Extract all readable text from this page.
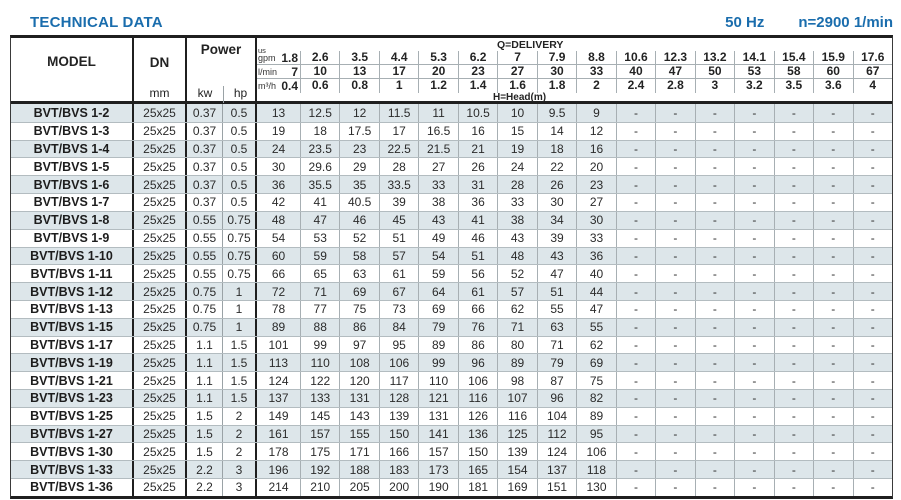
TECHNICAL DATA	50 Hz n=2900 1/min
MODEL	DN
mm
Power
kw	hp
Q=DELIVERY
us
gpm 1.8	2.6	3.5	4.4	5.3	6.2	7	7.9	8.8	10.6	12.3	13.2	14.1	15.4	15.9	17.6
l/min 7	10	13	17	20	23	27	30	33	40	47	50	53	58	60	67
m³/h 0.4	0.6	0.8	1	1.2	1.4	1.6	1.8	2	2.4	2.8	3	3.2	3.5	3.6	4
H=Head(m)
BVT/BVS 1-2	25x25	0.37	0.5	13	12.5	12	11.5	11	10.5	10	9.5	9	-	-	-	-	-	-	-
BVT/BVS 1-3	25x25	0.37	0.5	19	18	17.5	17	16.5	16	15	14	12	-	-	-	-	-	-	-
BVT/BVS 1-4	25x25	0.37	0.5	24	23.5	23	22.5	21.5	21	19	18	16	-	-	-	-	-	-	-
BVT/BVS 1-5	25x25	0.37	0.5	30	29.6	29	28	27	26	24	22	20	-	-	-	-	-	-	-
BVT/BVS 1-6	25x25	0.37	0.5	36	35.5	35	33.5	33	31	28	26	23	-	-	-	-	-	-	-
BVT/BVS 1-7	25x25	0.37	0.5	42	41	40.5	39	38	36	33	30	27	-	-	-	-	-	-	-
BVT/BVS 1-8	25x25	0.55 0.75	48	47	46	45	43	41	38	34	30	-	-	-	-	-	-	-
BVT/BVS 1-9	25x25	0.55 0.75	54	53	52	51	49	46	43	39	33	-	-	-	-	-	-	-
BVT/BVS 1-10	25x25	0.55 0.75	60	59	58	57	54	51	48	43	36	-	-	-	-	-	-	-
BVT/BVS 1-11	25x25	0.55 0.75	66	65	63	61	59	56	52	47	40	-	-	-	-	-	-	-
BVT/BVS 1-12	25x25	0.75	1	72	71	69	67	64	61	57	51	44	-	-	-	-	-	-	-
BVT/BVS 1-13	25x25	0.75	1	78	77	75	73	69	66	62	55	47	-	-	-	-	-	-	-
BVT/BVS 1-15	25x25	0.75	1	89	88	86	84	79	76	71	63	55	-	-	-	-	-	-	-
BVT/BVS 1-17	25x25	1.1	1.5	101	99	97	95	89	86	80	71	62	-	-	-	-	-	-	-
BVT/BVS 1-19	25x25	1.1	1.5	113	110	108	106	99	96	89	79	69	-	-	-	-	-	-	-
BVT/BVS 1-21	25x25	1.1	1.5	124	122	120	117	110	106	98	87	75	-	-	-	-	-	-	-
BVT/BVS 1-23	25x25	1.1	1.5	137	133	131	128	121	116	107	96	82	-	-	-	-	-	-	-
BVT/BVS 1-25	25x25	1.5	2	149	145	143	139	131	126	116	104	89	-	-	-	-	-	-	-
BVT/BVS 1-27	25x25	1.5	2	161	157	155	150	141	136	125	112	95	-	-	-	-	-	-	-
BVT/BVS 1-30	25x25	1.5	2	178	175	171	166	157	150	139	124	106	-	-	-	-	-	-	-
BVT/BVS 1-33	25x25	2.2	3	196	192	188	183	173	165	154	137	118	-	-	-	-	-	-	-
BVT/BVS 1-36	25x25	2.2	3	214	210	205	200	190	181	169	151	130	-	-	-	-	-	-	-
